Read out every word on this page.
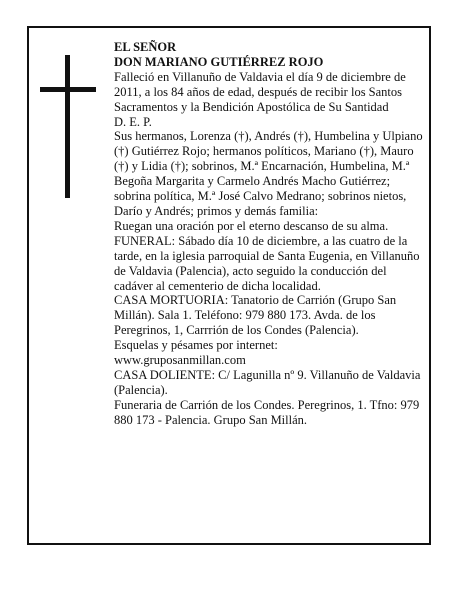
EL SEÑOR

DON MARIANO GUTIÉRREZ ROJO

Falleció en Villanuño de Valdavia el día 9 de diciembre de 2011, a los 84 años de edad, después de recibir los Santos Sacramentos y la Bendición Apostólica de Su Santidad

D. E. P.

Sus hermanos, Lorenza (†), Andrés (†), Humbelina y Ulpiano (†) Gutiérrez Rojo; hermanos políticos, Mariano (†), Mauro (†) y Lidia (†); sobrinos, M.ª Encarnación, Humbelina, M.ª Begoña Margarita y Carmelo Andrés Macho Gutiérrez; sobrina política, M.ª José Calvo Medrano; sobrinos nietos, Darío y Andrés; primos y demás familia:

Ruegan una oración por el eterno descanso de su alma.

FUNERAL: Sábado día 10 de diciembre, a las cuatro de la tarde, en la iglesia parroquial de Santa Eugenia, en Villanuño de Valdavia (Palencia), acto seguido la conducción del cadáver al cementerio de dicha localidad.

CASA MORTUORIA: Tanatorio de Carrión (Grupo San Millán). Sala 1. Teléfono: 979 880 173. Avda. de los Peregrinos, 1, Carrrión de los Condes (Palencia).

Esquelas y pésames por internet:

www.gruposanmillan.com

CASA DOLIENTE: C/ Lagunilla nº 9. Villanuño de Valdavia (Palencia).

Funeraria de Carrión de los Condes. Peregrinos, 1. Tfno: 979 880 173 - Palencia. Grupo San Millán.
